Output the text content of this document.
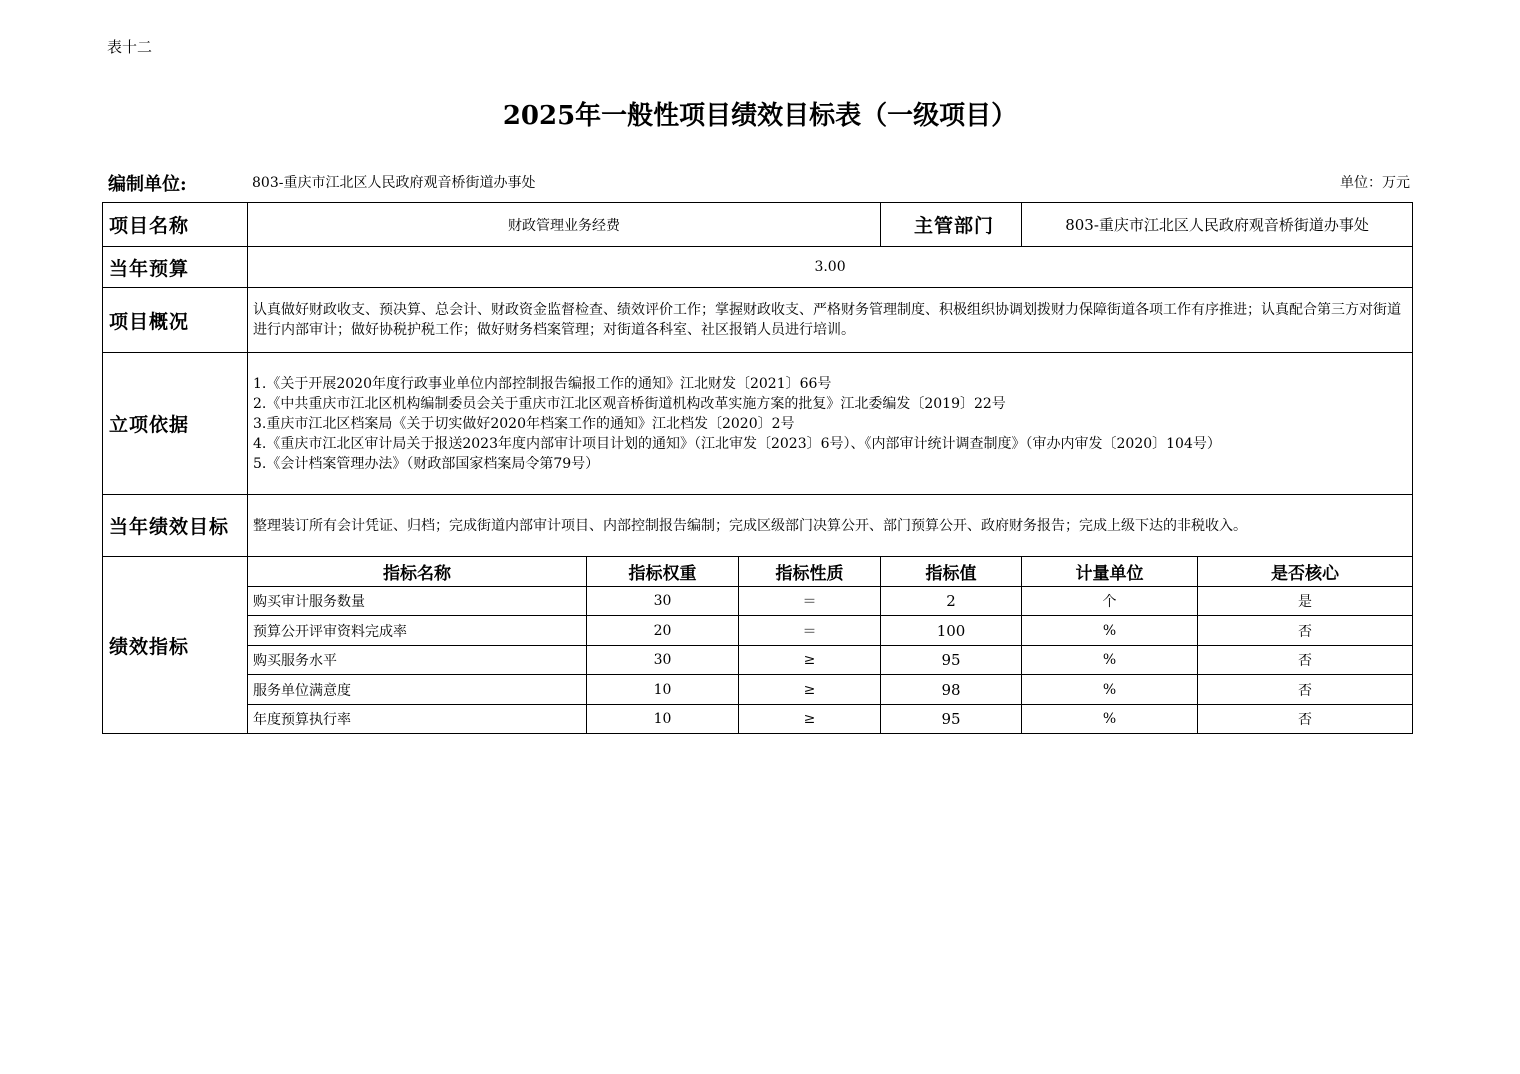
表十二
2025年一般性项目绩效目标表（一级项目）
编制单位:	803-重庆市江北区人民政府观音桥街道办事处	单位：万元
项目名称	财政管理业务经费			主管部门	803-重庆市江北区人民政府观音桥街道办事处	
当年预算	3.00					
项目概况	认真做好财政收支、预决算、总会计、财政资金监督检查、绩效评价工作；掌握财政收支、严格财务管理制度、积极组织协调划拨财力保障街道各项工作有序推进；认真配合第三方对街道进行内部审计；做好协税护税工作；做好财务档案管理；对街道各科室、社区报销人员进行培训。					
立项依据	1.《关于开展2020年度行政事业单位内部控制报告编报工作的通知》江北财发〔2021〕66号
2.《中共重庆市江北区机构编制委员会关于重庆市江北区观音桥街道机构改革实施方案的批复》江北委编发〔2019〕22号
3.重庆市江北区档案局《关于切实做好2020年档案工作的通知》江北档发〔2020〕2号
4.《重庆市江北区审计局关于报送2023年度内部审计项目计划的通知》（江北审发〔2023〕6号）、《内部审计统计调查制度》（审办内审发〔2020〕104号）
5.《会计档案管理办法》（财政部国家档案局令第79号）					

当年绩效目标	整理装订所有会计凭证、归档；完成街道内部审计项目、内部控制报告编制；完成区级部门决算公开、部门预算公开、政府财务报告；完成上级下达的非税收入。					
绩效指标	指标名称	指标权重	指标性质	指标值	计量单位	是否核心
	购买审计服务数量	30	＝	2	个	是
	预算公开评审资料完成率	20	＝	100	%	否
	购买服务水平	30	≥	95	%	否
	服务单位满意度	10	≥	98	%	否
	年度预算执行率	10	≥	95	%	否
